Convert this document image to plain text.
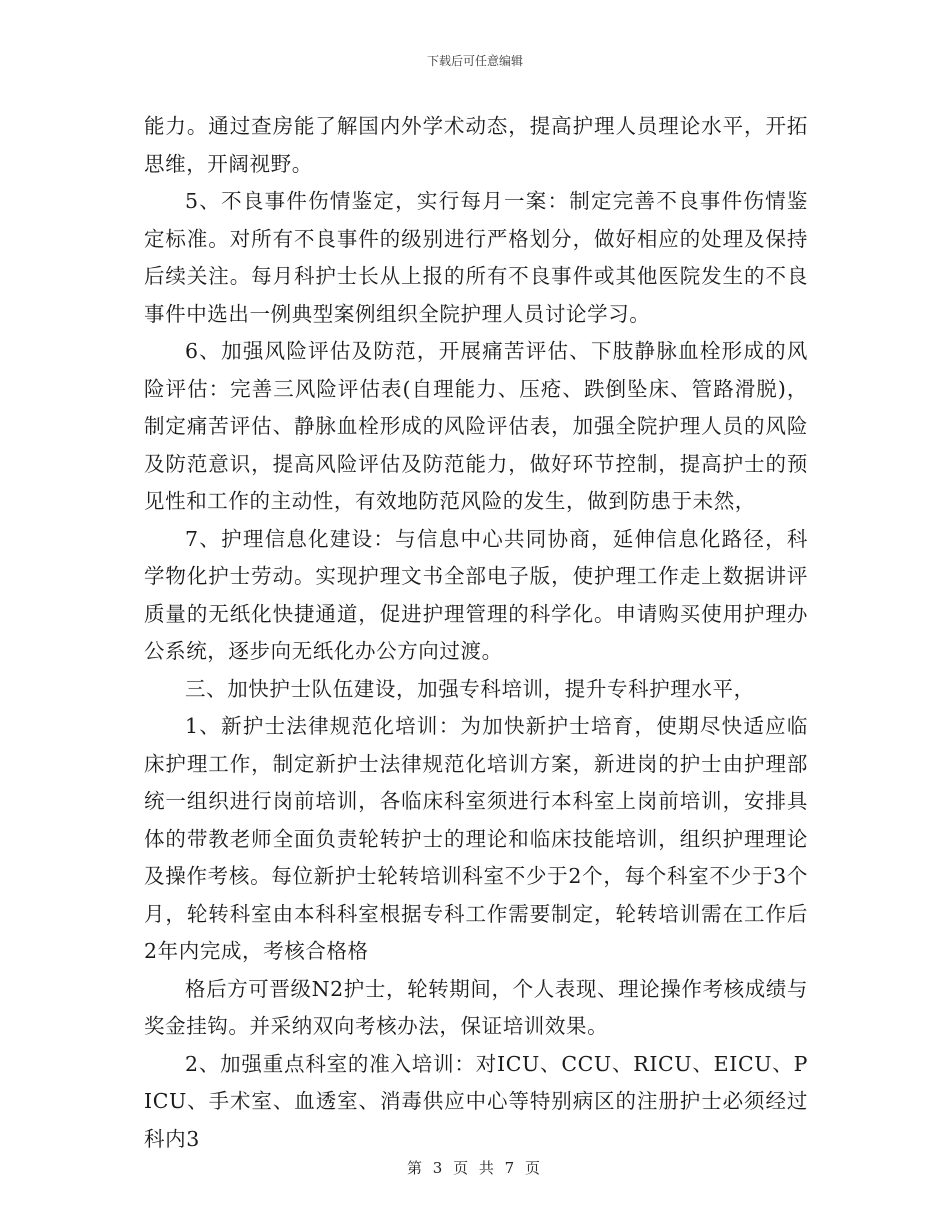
下载后可任意编辑

能力。通过查房能了解国内外学术动态，提高护理人员理论水平，开拓思维，开阔视野。

5、不良事件伤情鉴定，实行每月一案：制定完善不良事件伤情鉴定标准。对所有不良事件的级别进行严格划分，做好相应的处理及保持后续关注。每月科护士长从上报的所有不良事件或其他医院发生的不良事件中选出一例典型案例组织全院护理人员讨论学习。

6、加强风险评估及防范，开展痛苦评估、下肢静脉血栓形成的风险评估：完善三风险评估表(自理能力、压疮、跌倒坠床、管路滑脱)，制定痛苦评估、静脉血栓形成的风险评估表，加强全院护理人员的风险及防范意识，提高风险评估及防范能力，做好环节控制，提高护士的预见性和工作的主动性，有效地防范风险的发生，做到防患于未然，

7、护理信息化建设：与信息中心共同协商，延伸信息化路径，科学物化护士劳动。实现护理文书全部电子版，使护理工作走上数据讲评质量的无纸化快捷通道，促进护理管理的科学化。申请购买使用护理办公系统，逐步向无纸化办公方向过渡。

三、加快护士队伍建设，加强专科培训，提升专科护理水平，

1、新护士法律规范化培训：为加快新护士培育，使期尽快适应临床护理工作，制定新护士法律规范化培训方案，新进岗的护士由护理部统一组织进行岗前培训，各临床科室须进行本科室上岗前培训，安排具体的带教老师全面负责轮转护士的理论和临床技能培训，组织护理理论及操作考核。每位新护士轮转培训科室不少于2个，每个科室不少于3个月，轮转科室由本科科室根据专科工作需要制定，轮转培训需在工作后2年内完成，考核合格格

格后方可晋级N2护士，轮转期间，个人表现、理论操作考核成绩与奖金挂钩。并采纳双向考核办法，保证培训效果。

2、加强重点科室的准入培训：对ICU、CCU、RICU、EICU、PICU、手术室、血透室、消毒供应中心等特别病区的注册护士必须经过科内3

第 3 页 共 7 页
